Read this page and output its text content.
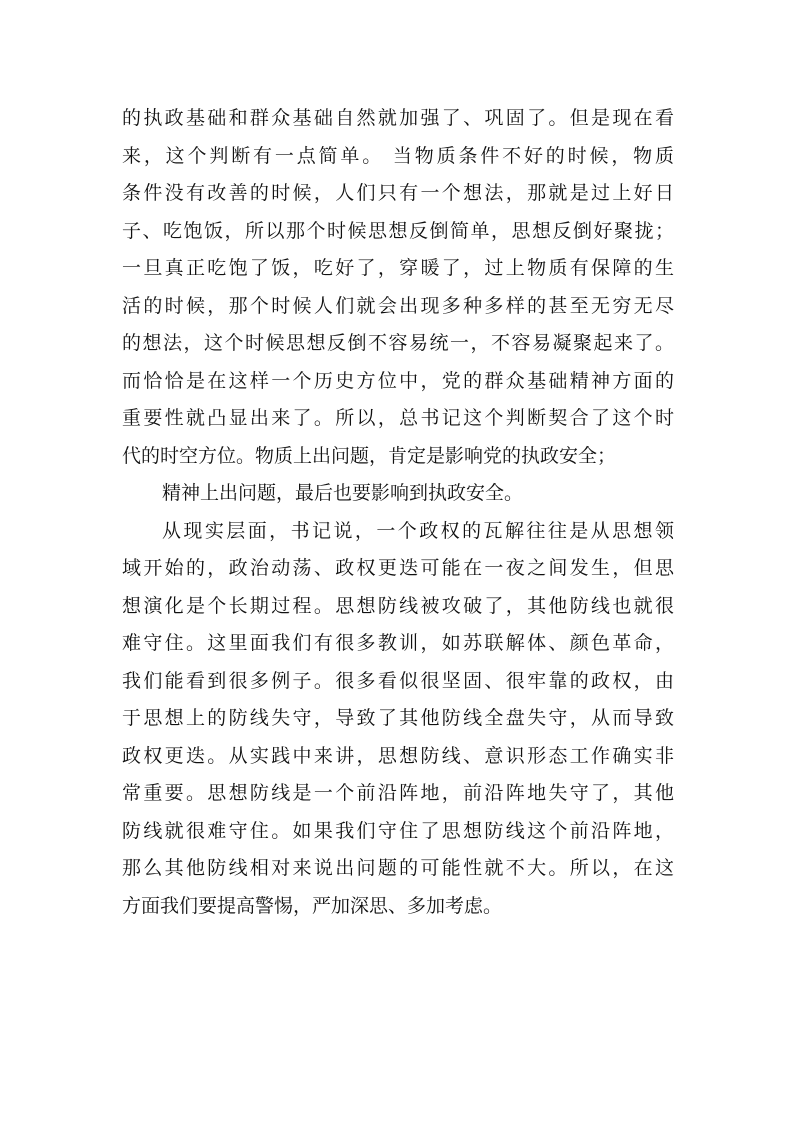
的执政基础和群众基础自然就加强了、巩固了。但是现在看
来，这个判断有一点简单。 当物质条件不好的时候，物质
条件没有改善的时候，人们只有一个想法，那就是过上好日
子、吃饱饭，所以那个时候思想反倒简单，思想反倒好聚拢；
一旦真正吃饱了饭，吃好了，穿暖了，过上物质有保障的生
活的时候，那个时候人们就会出现多种多样的甚至无穷无尽
的想法，这个时候思想反倒不容易统一，不容易凝聚起来了。
而恰恰是在这样一个历史方位中，党的群众基础精神方面的
重要性就凸显出来了。所以，总书记这个判断契合了这个时
代的时空方位。物质上出问题，肯定是影响党的执政安全；
精神上出问题，最后也要影响到执政安全。
从现实层面，书记说，一个政权的瓦解往往是从思想领
域开始的，政治动荡、政权更迭可能在一夜之间发生，但思
想演化是个长期过程。思想防线被攻破了，其他防线也就很
难守住。这里面我们有很多教训，如苏联解体、颜色革命，
我们能看到很多例子。很多看似很坚固、很牢靠的政权，由
于思想上的防线失守，导致了其他防线全盘失守，从而导致
政权更迭。从实践中来讲，思想防线、意识形态工作确实非
常重要。思想防线是一个前沿阵地，前沿阵地失守了，其他
防线就很难守住。如果我们守住了思想防线这个前沿阵地，
那么其他防线相对来说出问题的可能性就不大。所以，在这
方面我们要提高警惕，严加深思、多加考虑。
